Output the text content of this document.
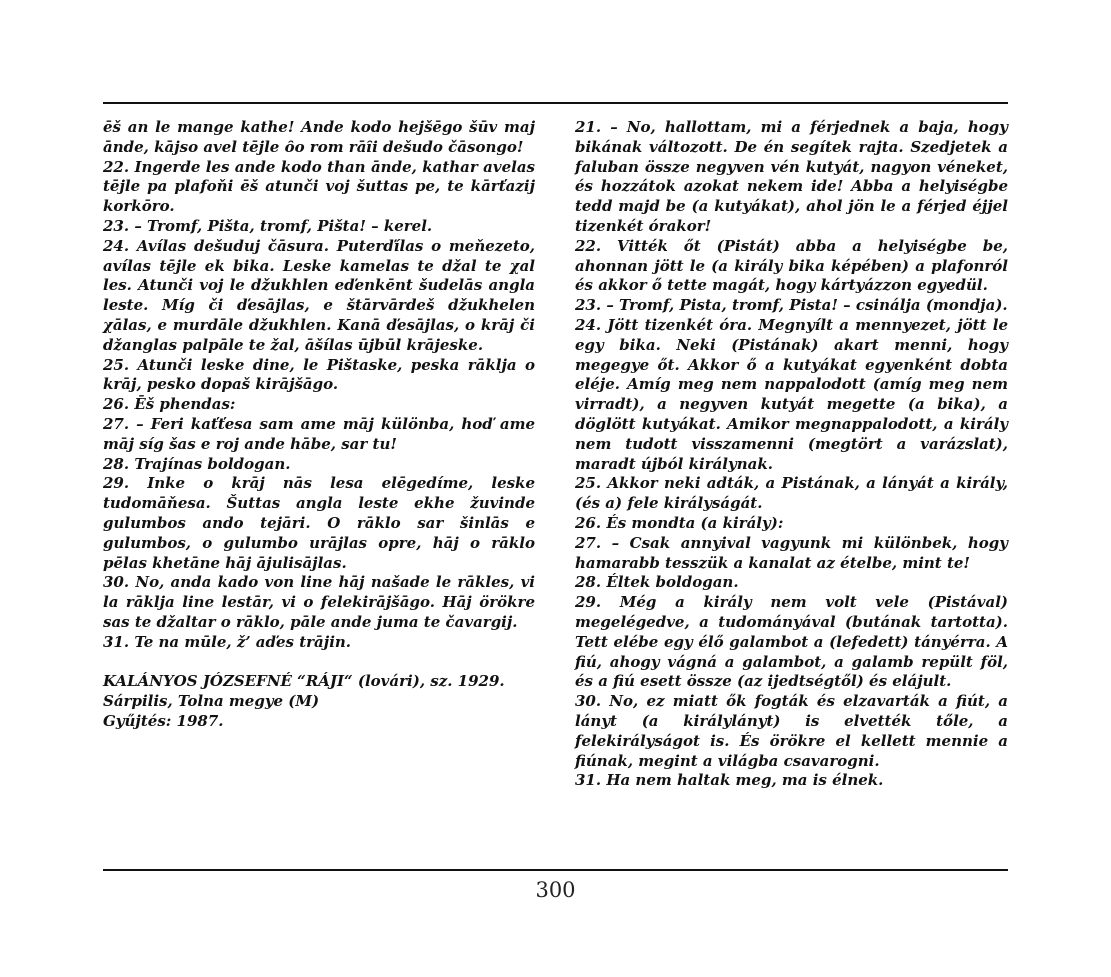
ēš an le mange kathe! Ande kodo hejšēgo šūv maj ānde, kājso avel tējle ȏo rom rāȋi dešudo čāsongo!

22. Ingerde les ande kodo than ānde, kathar avelas tējle pa plafoňi ēš atunči voj šuttas pe, te kārťazij korkōro.

23. – Tromf, Pišta, tromf, Pišta! – kerel.

24. Avílas dešuduj čāsura. Puterďílas o meňezeto, avílas tējle ek bika. Leske kamelas te džal te χal les. Atunči voj le džukhlen eďenkēnt šudelās angla leste. Míg či ďesājlas, e štārvārdeš džukhelen χālas, e murdāle džukhlen. Kanā ďesājlas, o krāj či džanglas palpāle te žal, āšílas ūjbūl krājeske.

25. Atunči leske dine, le Pištaske, peska rāklja o krāj, pesko dopaš kirājšāgo.

26. Ēš phendas:

27. – Feri kaťťesa sam ame māj különba, hoď ame māj síg šas e roj ande hābe, sar tu!

28. Trajínas boldogan.

29. Inke o krāj nās lesa elēgedíme, leske tudomāňesa. Šuttas angla leste ekhe žuvinde gulumbos ando tejāri. O rāklo sar šinlās e gulumbos, o gulumbo urājlas opre, hāj o rāklo pēlas khetāne hāj ājulisājlas.

30. No, anda kado von line hāj našade le rākles, vi la rāklja line lestār, vi o felekirājšāgo. Hāj örökre sas te džaltar o rāklo, pāle ande juma te čavargij.

31. Te na mūle, ž’ aďes trājin.

KALÁNYOS JÓZSEFNÉ “RÁJI“ (lovári), sz. 1929.

Sárpilis, Tolna megye (M)

Gyűjtés: 1987.

21. – No, hallottam, mi a férjednek a baja, hogy bikának változott. De én segítek rajta. Szedjetek a faluban össze negyven vén kutyát, nagyon véneket, és hozzátok azokat nekem ide! Abba a helyiségbe tedd majd be (a kutyákat), ahol jön le a férjed éjjel tizenkét órakor!

22. Vitték őt (Pistát) abba a helyiségbe be, ahonnan jött le (a király bika képében) a plafonról és akkor ő tette magát, hogy kártyázzon egyedül.

23. – Tromf, Pista, tromf, Pista! – csinálja (mondja).

24. Jött tizenkét óra. Megnyílt a mennyezet, jött le egy bika. Neki (Pistának) akart menni, hogy megegye őt. Akkor ő a kutyákat egyenként dobta eléje. Amíg meg nem nappalodott (amíg meg nem virradt), a negyven kutyát megette (a bika), a döglött kutyákat. Amikor megnappalodott, a király nem tudott visszamenni (megtört a varázslat), maradt újból királynak.

25. Akkor neki adták, a Pistának, a lányát a király, (és a) fele királyságát.

26. És mondta (a király):

27. – Csak annyival vagyunk mi különbek, hogy hamarabb tesszük a kanalat az ételbe, mint te!

28. Éltek boldogan.

29. Még a király nem volt vele (Pistával) megelégedve, a tudományával (butának tartotta). Tett elébe egy élő galambot a (lefedett) tányérra. A fiú, ahogy vágná a galambot, a galamb repült föl, és a fiú esett össze (az ijedtségtől) és elájult.

30. No, ez miatt ők fogták és elzavarták a fiút, a lányt (a királylányt) is elvették tőle, a felekirályságot is. És örökre el kellett mennie a fiúnak, megint a világba csavarogni.

31. Ha nem haltak meg, ma is élnek.

300
